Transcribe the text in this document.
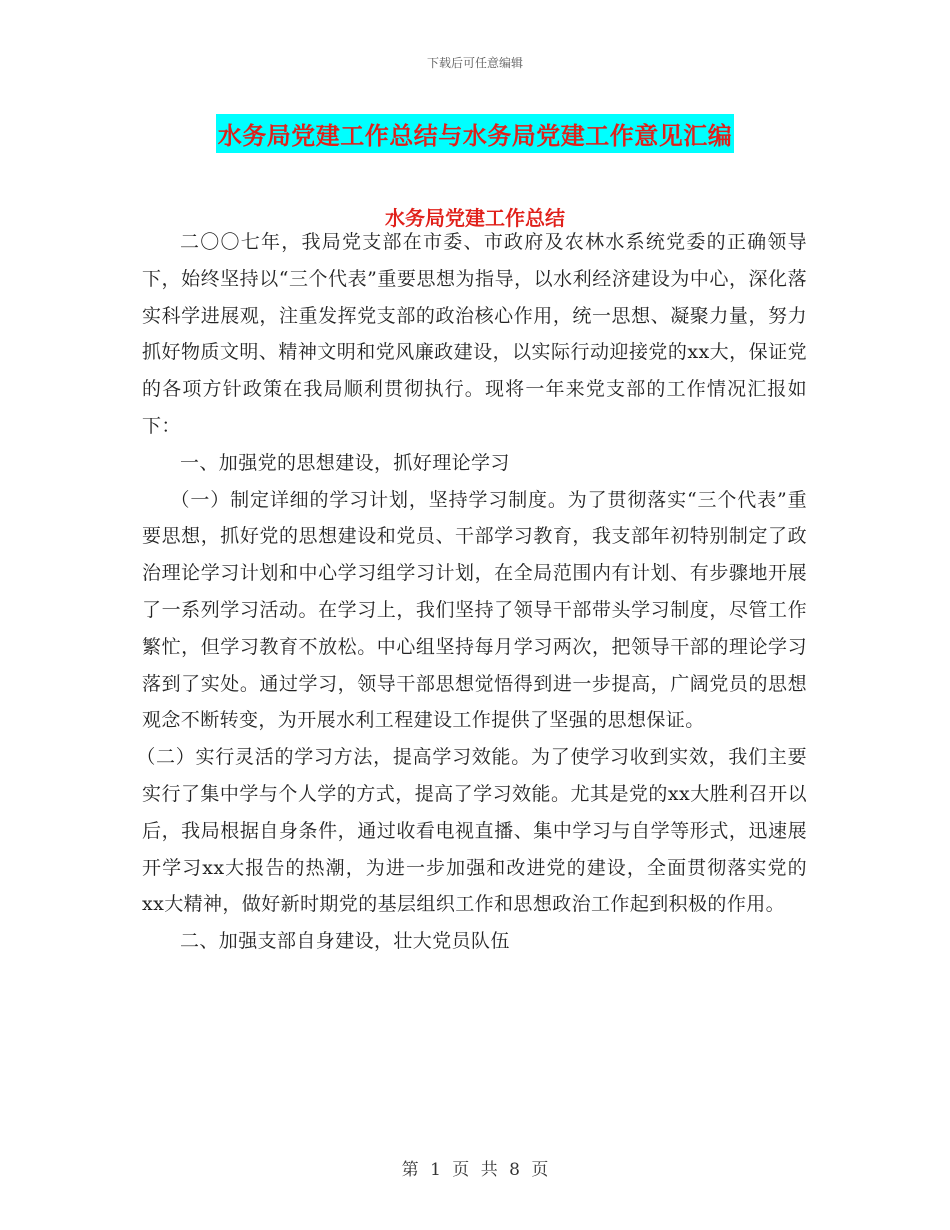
下载后可任意编辑
水务局党建工作总结与水务局党建工作意见汇编
水务局党建工作总结

二〇〇七年，我局党支部在市委、市政府及农林水系统党委的正确领导下，始终坚持以“三个代表”重要思想为指导，以水利经济建设为中心，深化落实科学进展观，注重发挥党支部的政治核心作用，统一思想、凝聚力量，努力抓好物质文明、精神文明和党风廉政建设，以实际行动迎接党的xx大，保证党的各项方针政策在我局顺利贯彻执行。现将一年来党支部的工作情况汇报如下：

一、加强党的思想建设，抓好理论学习

（一）制定详细的学习计划，坚持学习制度。为了贯彻落实“三个代表”重要思想，抓好党的思想建设和党员、干部学习教育，我支部年初特别制定了政治理论学习计划和中心学习组学习计划，在全局范围内有计划、有步骤地开展了一系列学习活动。在学习上，我们坚持了领导干部带头学习制度，尽管工作繁忙，但学习教育不放松。中心组坚持每月学习两次，把领导干部的理论学习落到了实处。通过学习，领导干部思想觉悟得到进一步提高，广阔党员的思想观念不断转变，为开展水利工程建设工作提供了坚强的思想保证。

（二）实行灵活的学习方法，提高学习效能。为了使学习收到实效，我们主要实行了集中学与个人学的方式，提高了学习效能。尤其是党的xx大胜利召开以后，我局根据自身条件，通过收看电视直播、集中学习与自学等形式，迅速展开学习xx大报告的热潮，为进一步加强和改进党的建设，全面贯彻落实党的xx大精神，做好新时期党的基层组织工作和思想政治工作起到积极的作用。

二、加强支部自身建设，壮大党员队伍

第 1 页 共 8 页
